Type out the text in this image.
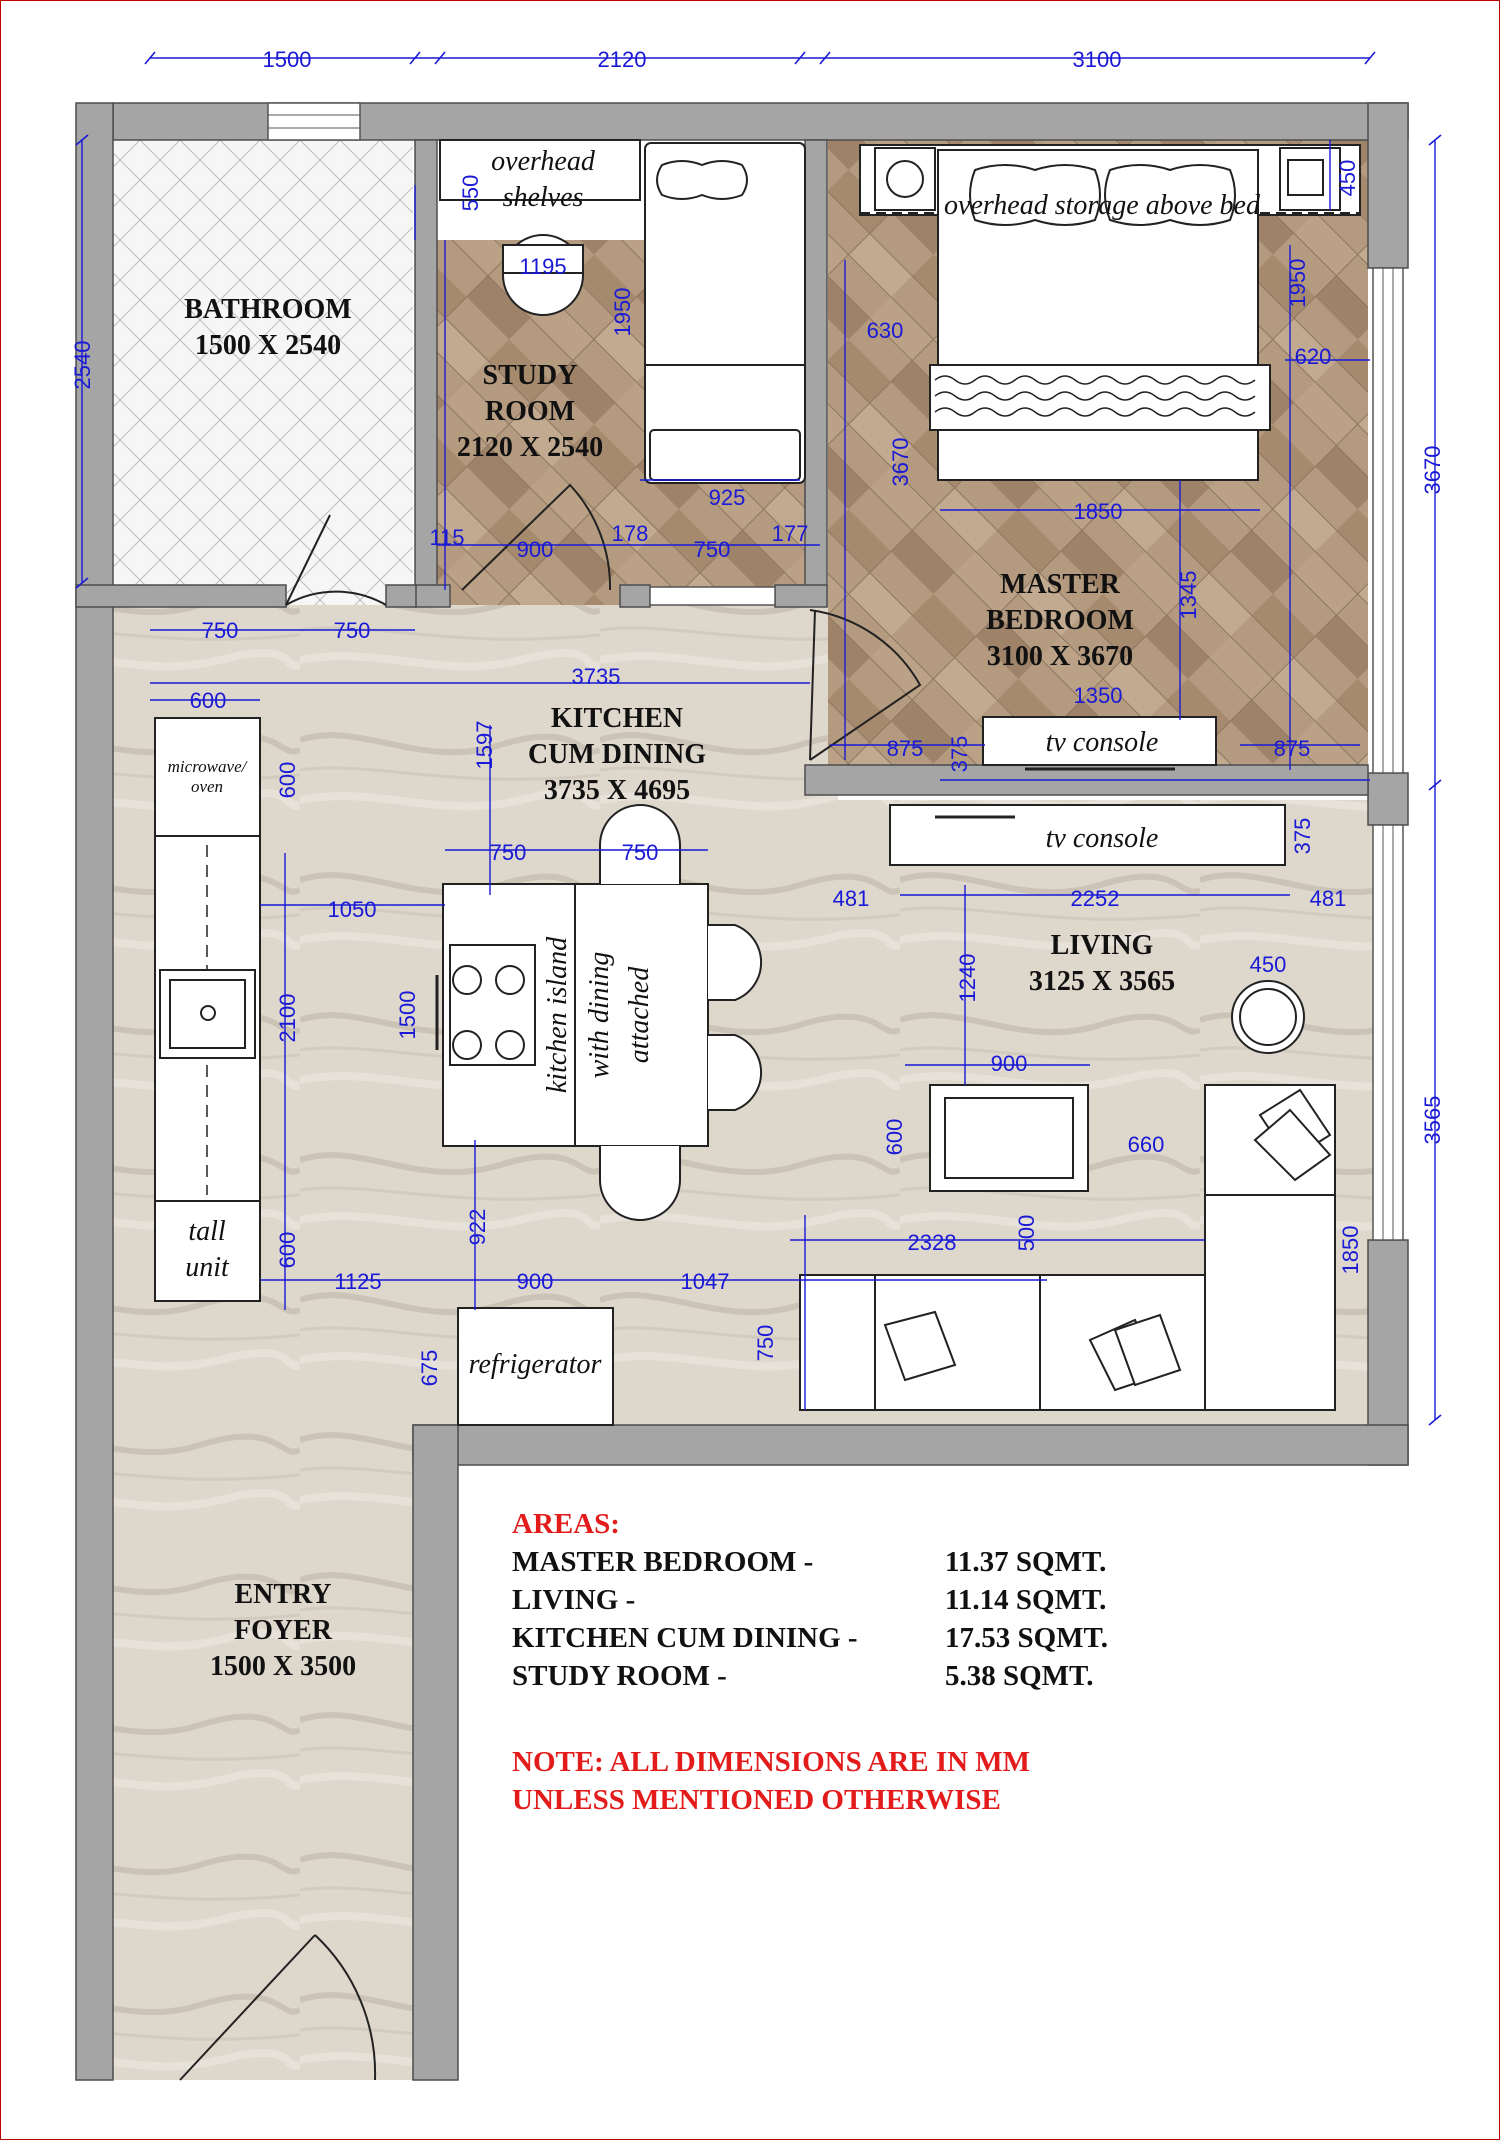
BATHROOM
1500 X 2540
STUDY
ROOM
2120 X 2540
MASTER
BEDROOM
3100 X 3670
KITCHEN
CUM DINING
3735 X 4695
LIVING
3125 X 3565
ENTRY
FOYER
1500 X 3500
overhead
shelves	overhead storage above bed
tv console
tv console
microwave/
oven
tall
unit
kitchen island with dining attached
refrigerator
1500	2120	3100
2540
3670
3565
550
1195
1950
925
115 900
178
750
177
450
1950
630
620
3670
1850
1345
1350
875 375	875
750	750
3735
600
1597
600
750	750
1050
2100	1500
922
600
1125	900	1047
675
375
481	2252	481
1240	450
900
600	660
2328	500	1850
750
AREAS:
MASTER BEDROOM -	11.37 SQMT.
LIVING -	11.14 SQMT.
KITCHEN CUM DINING -	17.53 SQMT.
STUDY ROOM -	5.38 SQMT.
NOTE: ALL DIMENSIONS ARE IN MM
UNLESS MENTIONED OTHERWISE
